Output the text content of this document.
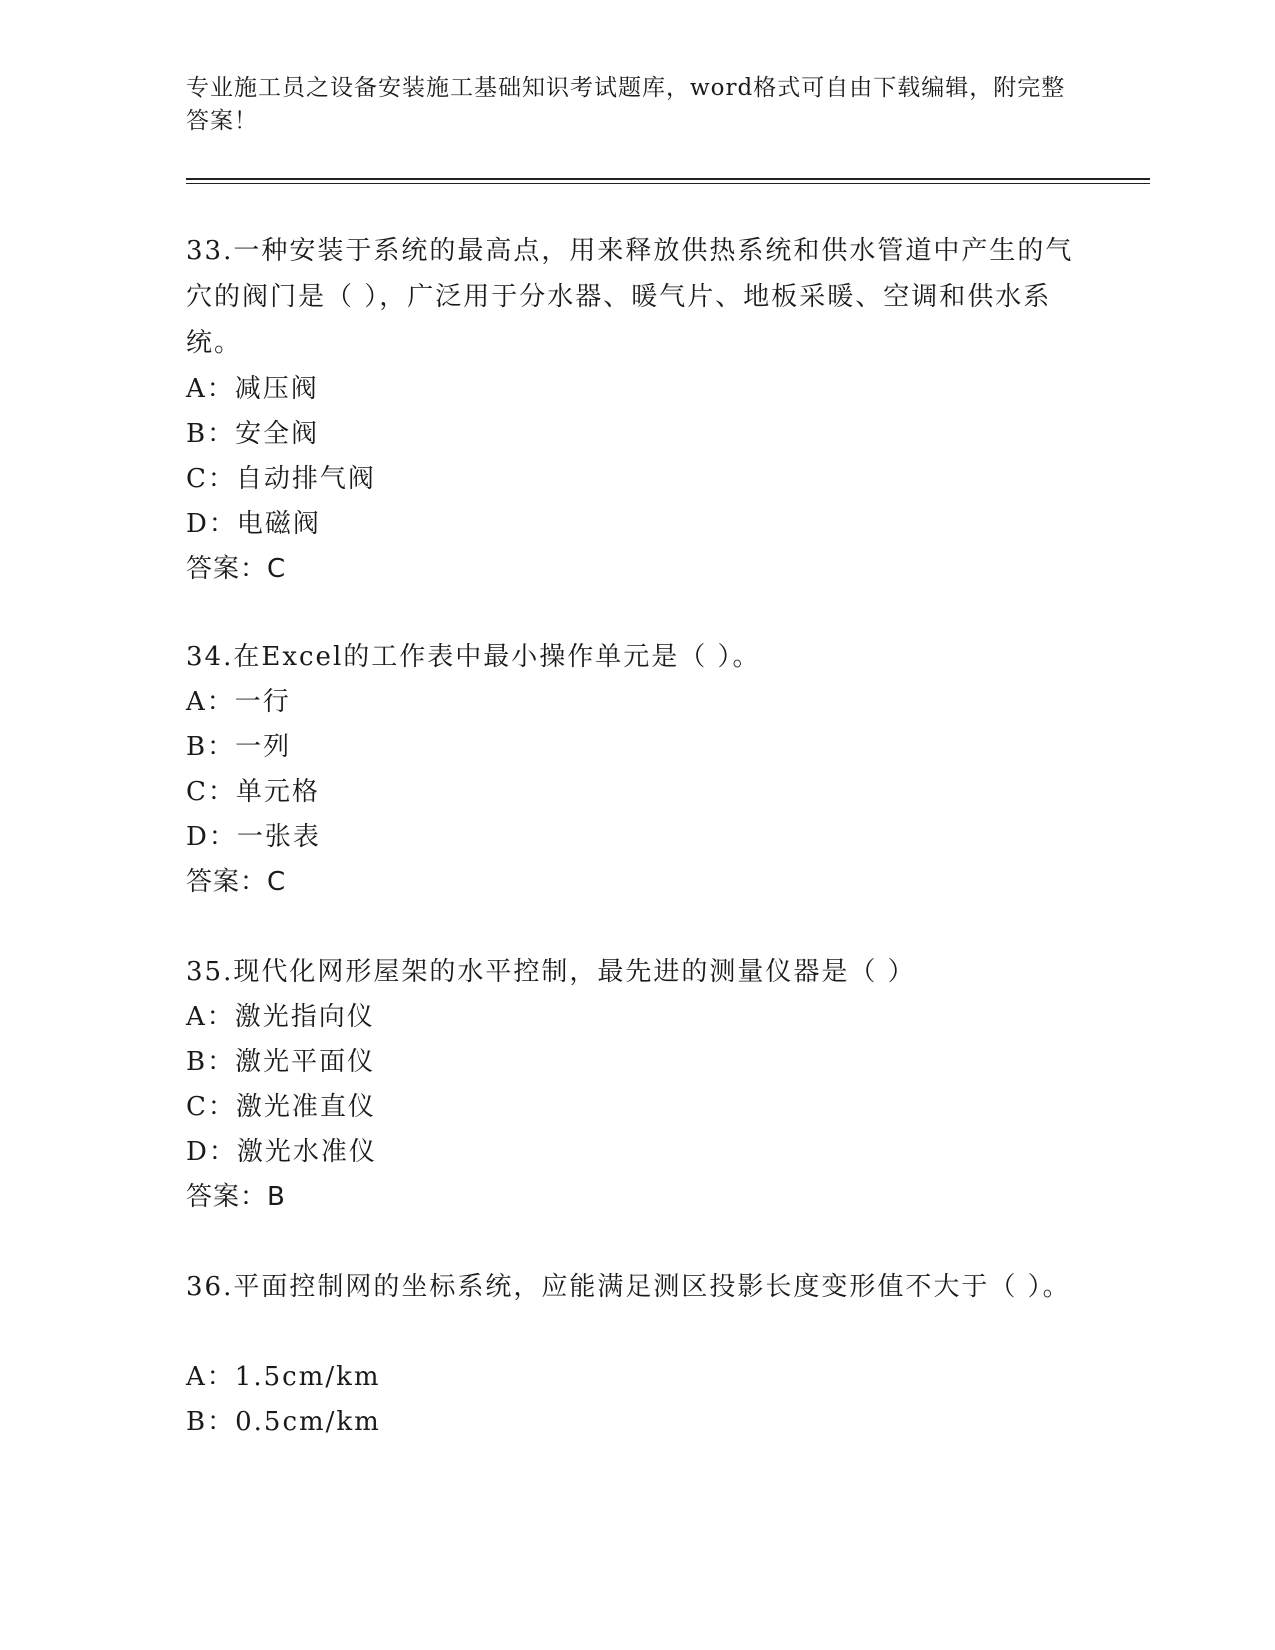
专业施工员之设备安装施工基础知识考试题库，word格式可自由下载编辑，附完整答案！
33.一种安装于系统的最高点，用来释放供热系统和供水管道中产生的气穴的阀门是（ ），广泛用于分水器、暖气片、地板采暖、空调和供水系统。
A：减压阀
B：安全阀
C：自动排气阀
D：电磁阀
答案：C
34.在Excel的工作表中最小操作单元是（ ）。
A：一行
B：一列
C：单元格
D：一张表
答案：C
35.现代化网形屋架的水平控制，最先进的测量仪器是（ ）
A：激光指向仪
B：激光平面仪
C：激光准直仪
D：激光水准仪
答案：B
36.平面控制网的坐标系统，应能满足测区投影长度变形值不大于（ ）。
A：1.5cm/km
B：0.5cm/km
